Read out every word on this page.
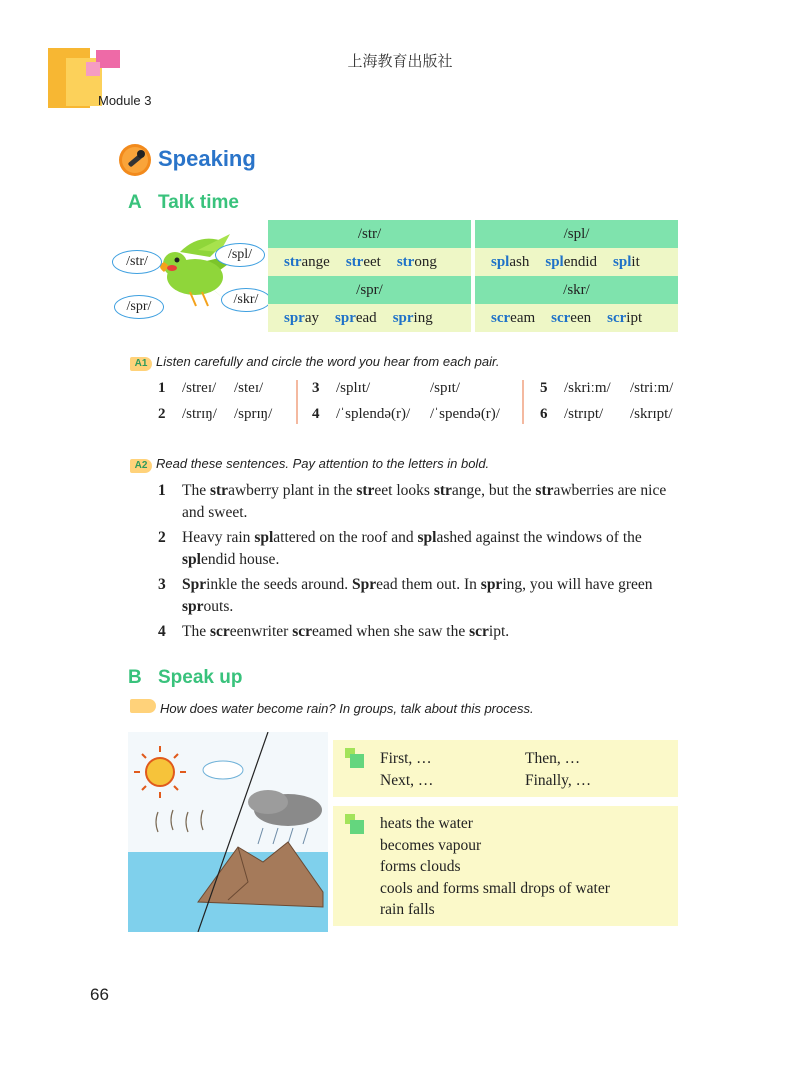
上海教育出版社
Module 3
Speaking
A Talk time
/str/	/spl/
/spr/	/skr/
/str/		/spl/
strange street strong		splash splendid split
/spr/		/skr/
spray spread spring		scream screen script
A1 Listen carefully and circle the word you hear from each pair.
1 /streɪ/ /steɪ/
2 /strɪŋ/ /sprɪŋ/
3 /splɪt/	/spɪt/
4 /ˈsplendə(r)/ /ˈspendə(r)/
5 /skriːm/ /striːm/
6 /strɪpt/ /skrɪpt/
A2 Read these sentences. Pay attention to the letters in bold.
1 The strawberry plant in the street looks strange, but the strawberries are nice and sweet.
2 Heavy rain splattered on the roof and splashed against the windows of the splendid house.
3 Sprinkle the seeds around. Spread them out. In spring, you will have green sprouts.
4 The screenwriter screamed when she saw the script.
B Speak up
How does water become rain? In groups, talk about this process.
First, …	Then, …
Next, …	Finally, …
heats the water
becomes vapour
forms clouds
cools and forms small drops of water
rain falls
66
